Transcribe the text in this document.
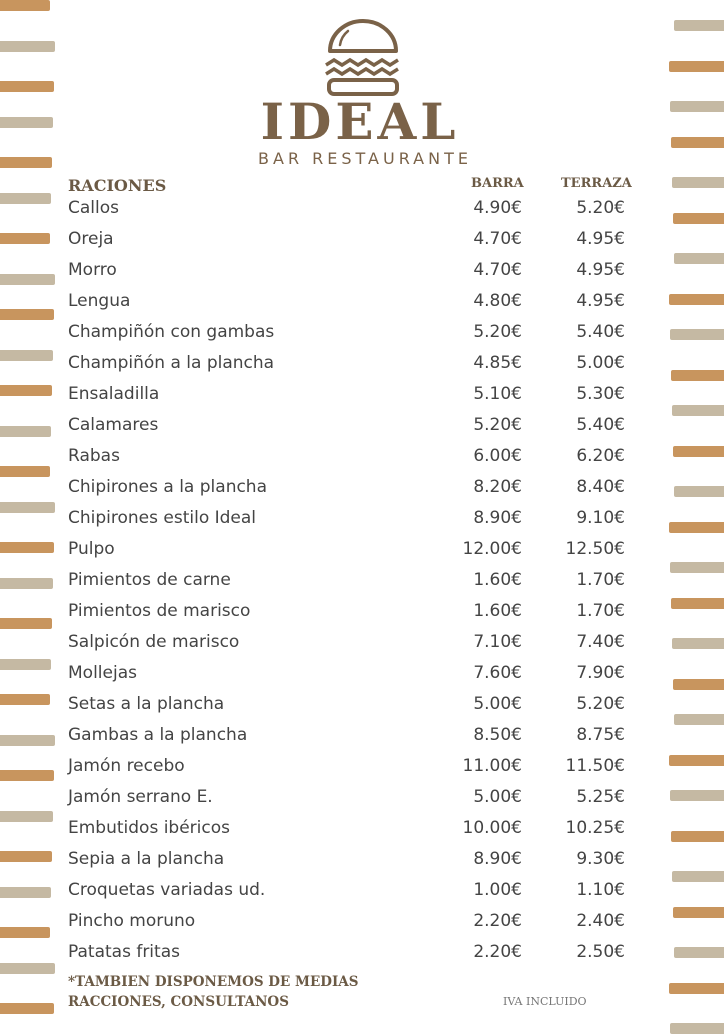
IDEAL
BAR RESTAURANTE
RACIONES	BARRA	TERRAZA
Callos	4.90€	5.20€
Oreja	4.70€	4.95€
Morro	4.70€	4.95€
Lengua	4.80€	4.95€
Champiñón con gambas	5.20€	5.40€
Champiñón a la plancha	4.85€	5.00€
Ensaladilla	5.10€	5.30€
Calamares	5.20€	5.40€
Rabas	6.00€	6.20€
Chipirones a la plancha	8.20€	8.40€
Chipirones estilo Ideal	8.90€	9.10€
Pulpo	12.00€	12.50€
Pimientos de carne	1.60€	1.70€
Pimientos de marisco	1.60€	1.70€
Salpicón de marisco	7.10€	7.40€
Mollejas	7.60€	7.90€
Setas a la plancha	5.00€	5.20€
Gambas a la plancha	8.50€	8.75€
Jamón recebo	11.00€	11.50€
Jamón serrano E.	5.00€	5.25€
Embutidos ibéricos	10.00€	10.25€
Sepia a la plancha	8.90€	9.30€
Croquetas variadas ud.	1.00€	1.10€
Pincho moruno	2.20€	2.40€
Patatas fritas	2.20€	2.50€
*TAMBIEN DISPONEMOS DE MEDIAS
RACCIONES, CONSULTANOS	IVA INCLUIDO
